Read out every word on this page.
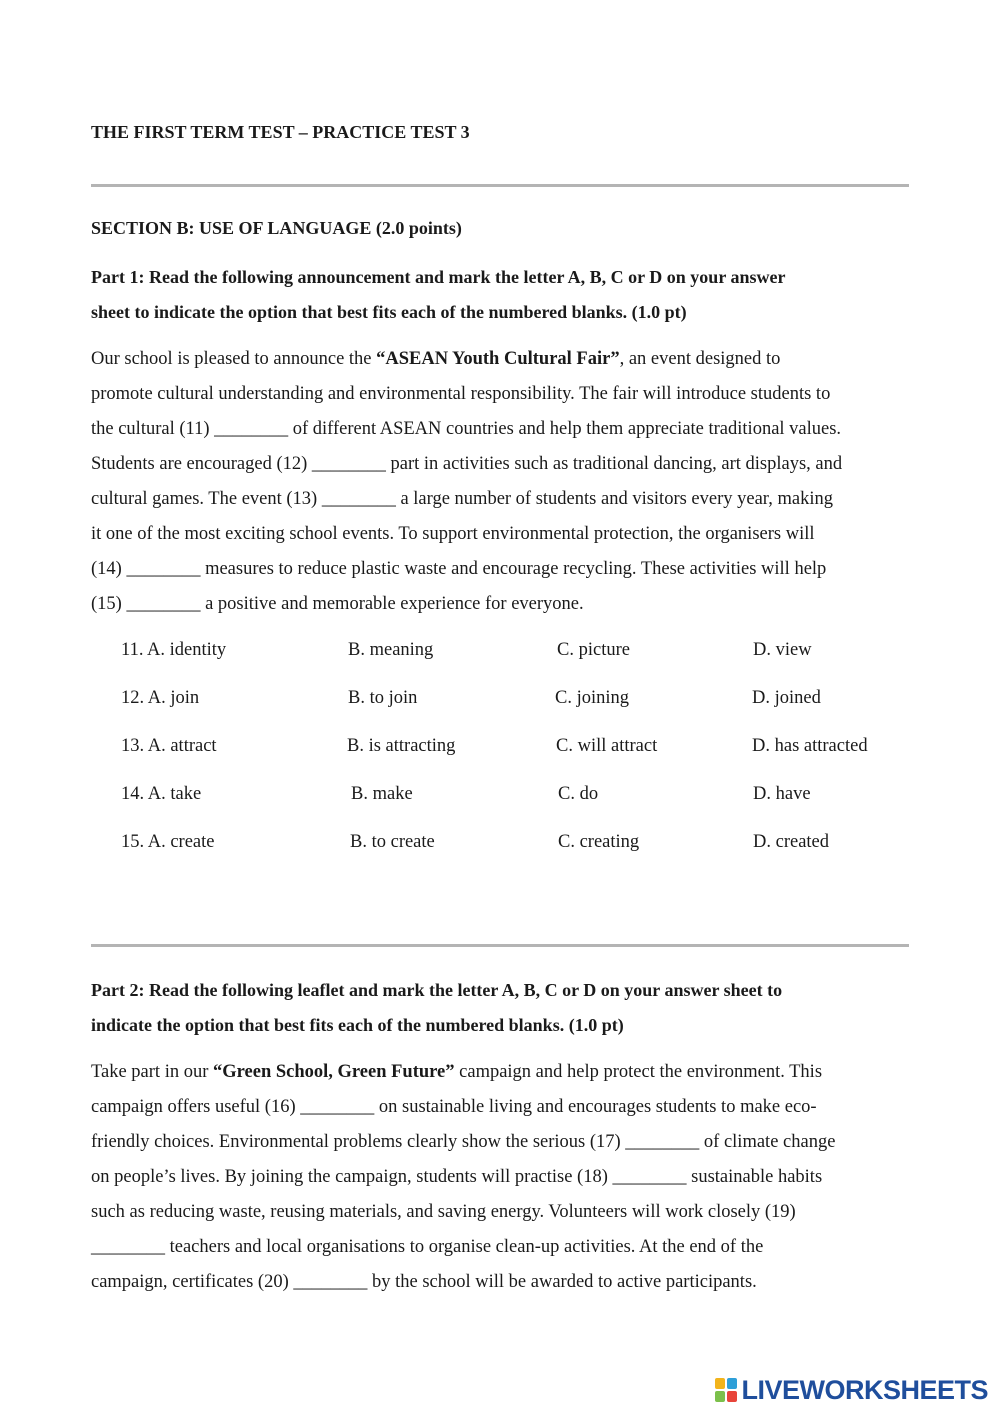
THE FIRST TERM TEST – PRACTICE TEST 3
SECTION B: USE OF LANGUAGE (2.0 points)
Part 1: Read the following announcement and mark the letter A, B, C or D on your answer
sheet to indicate the option that best fits each of the numbered blanks. (1.0 pt)
Our school is pleased to announce the “ASEAN Youth Cultural Fair”, an event designed to
promote cultural understanding and environmental responsibility. The fair will introduce students to
the cultural (11) ________ of different ASEAN countries and help them appreciate traditional values.
Students are encouraged (12) ________ part in activities such as traditional dancing, art displays, and
cultural games. The event (13) ________ a large number of students and visitors every year, making
it one of the most exciting school events. To support environmental protection, the organisers will
(14) ________ measures to reduce plastic waste and encourage recycling. These activities will help
(15) ________ a positive and memorable experience for everyone.
11. A. identity	B. meaning	C. picture	D. view
12. A. join	B. to join	C. joining	D. joined
13. A. attract	B. is attracting	C. will attract	D. has attracted
14. A. take	B. make	C. do	D. have
15. A. create	B. to create	C. creating	D. created
Part 2: Read the following leaflet and mark the letter A, B, C or D on your answer sheet to
indicate the option that best fits each of the numbered blanks. (1.0 pt)
Take part in our “Green School, Green Future” campaign and help protect the environment. This
campaign offers useful (16) ________ on sustainable living and encourages students to make eco-
friendly choices. Environmental problems clearly show the serious (17) ________ of climate change
on people’s lives. By joining the campaign, students will practise (18) ________ sustainable habits
such as reducing waste, reusing materials, and saving energy. Volunteers will work closely (19)
________ teachers and local organisations to organise clean-up activities. At the end of the
campaign, certificates (20) ________ by the school will be awarded to active participants.
LIVEWORKSHEETS
